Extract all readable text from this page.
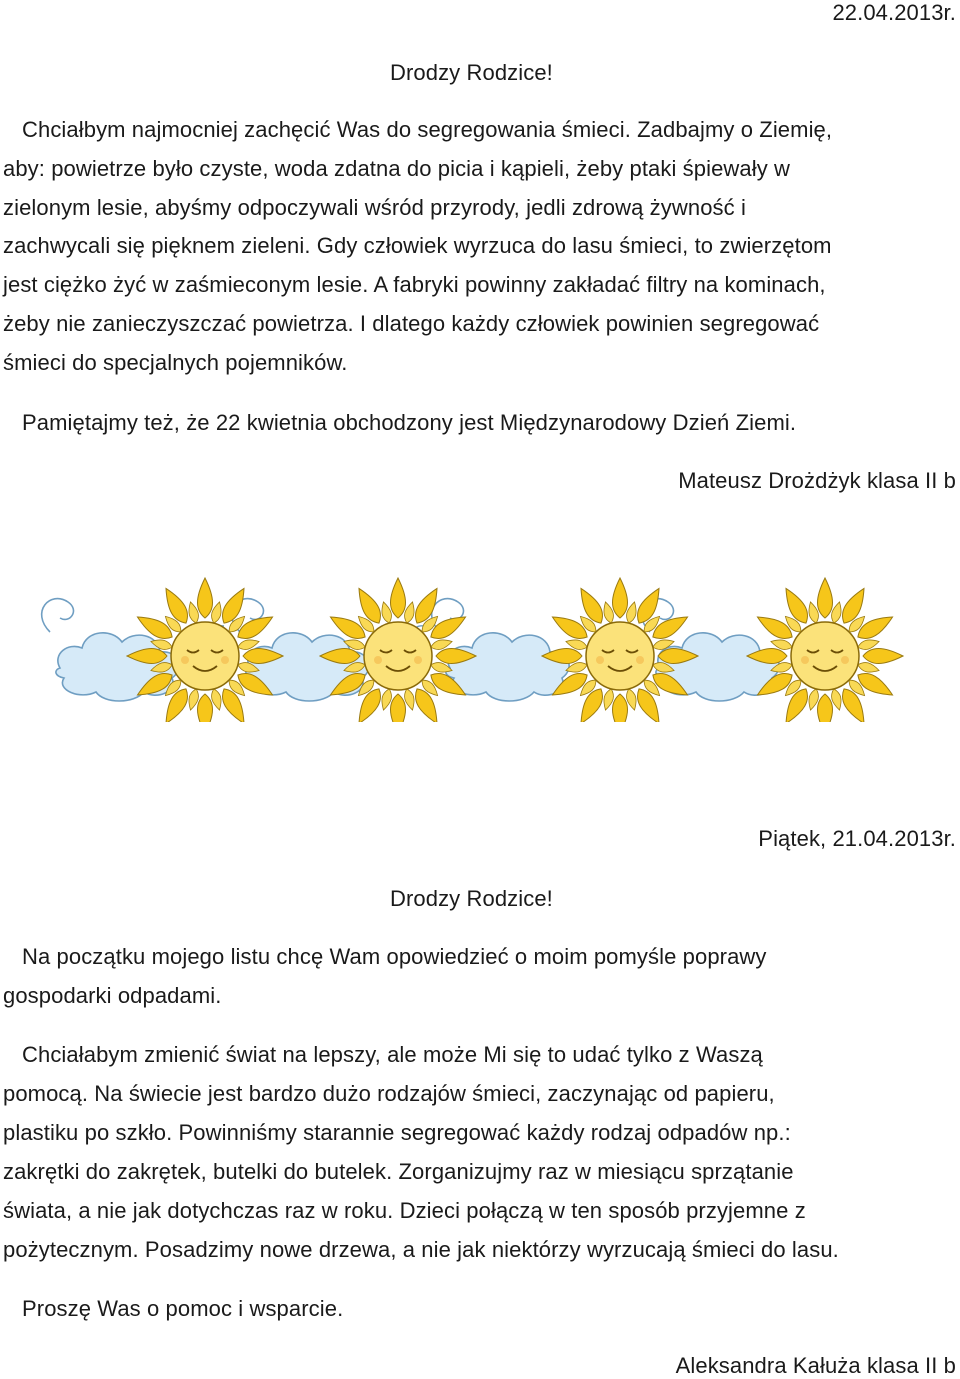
22.04.2013r.
Drodzy Rodzice!
Chciałbym najmocniej zachęcić Was do segregowania śmieci. Zadbajmy o Ziemię,
aby: powietrze było czyste, woda zdatna do picia i kąpieli, żeby ptaki śpiewały w
zielonym lesie, abyśmy odpoczywali wśród przyrody, jedli zdrową żywność i
zachwycali się pięknem zieleni. Gdy człowiek wyrzuca do lasu śmieci, to zwierzętom
jest ciężko żyć w zaśmieconym lesie. A fabryki powinny zakładać filtry na kominach,
żeby nie zanieczyszczać powietrza. I dlatego każdy człowiek powinien segregować
śmieci do specjalnych pojemników.
Pamiętajmy też, że 22 kwietnia obchodzony jest Międzynarodowy Dzień Ziemi.
Mateusz Drożdżyk klasa II b
Piątek, 21.04.2013r.
Drodzy Rodzice!
Na początku mojego listu chcę Wam opowiedzieć o moim pomyśle poprawy
gospodarki odpadami.
Chciałabym zmienić świat na lepszy, ale może Mi się to udać tylko z Waszą
pomocą. Na świecie jest bardzo dużo rodzajów śmieci, zaczynając od papieru,
plastiku po szkło. Powinniśmy starannie segregować każdy rodzaj odpadów np.:
zakrętki do zakrętek, butelki do butelek. Zorganizujmy raz w miesiącu sprzątanie
świata, a nie jak dotychczas raz w roku. Dzieci połączą w ten sposób przyjemne z
pożytecznym. Posadzimy nowe drzewa, a nie jak niektórzy wyrzucają śmieci do lasu.
Proszę Was o pomoc i wsparcie.
Aleksandra Kałuża klasa II b
